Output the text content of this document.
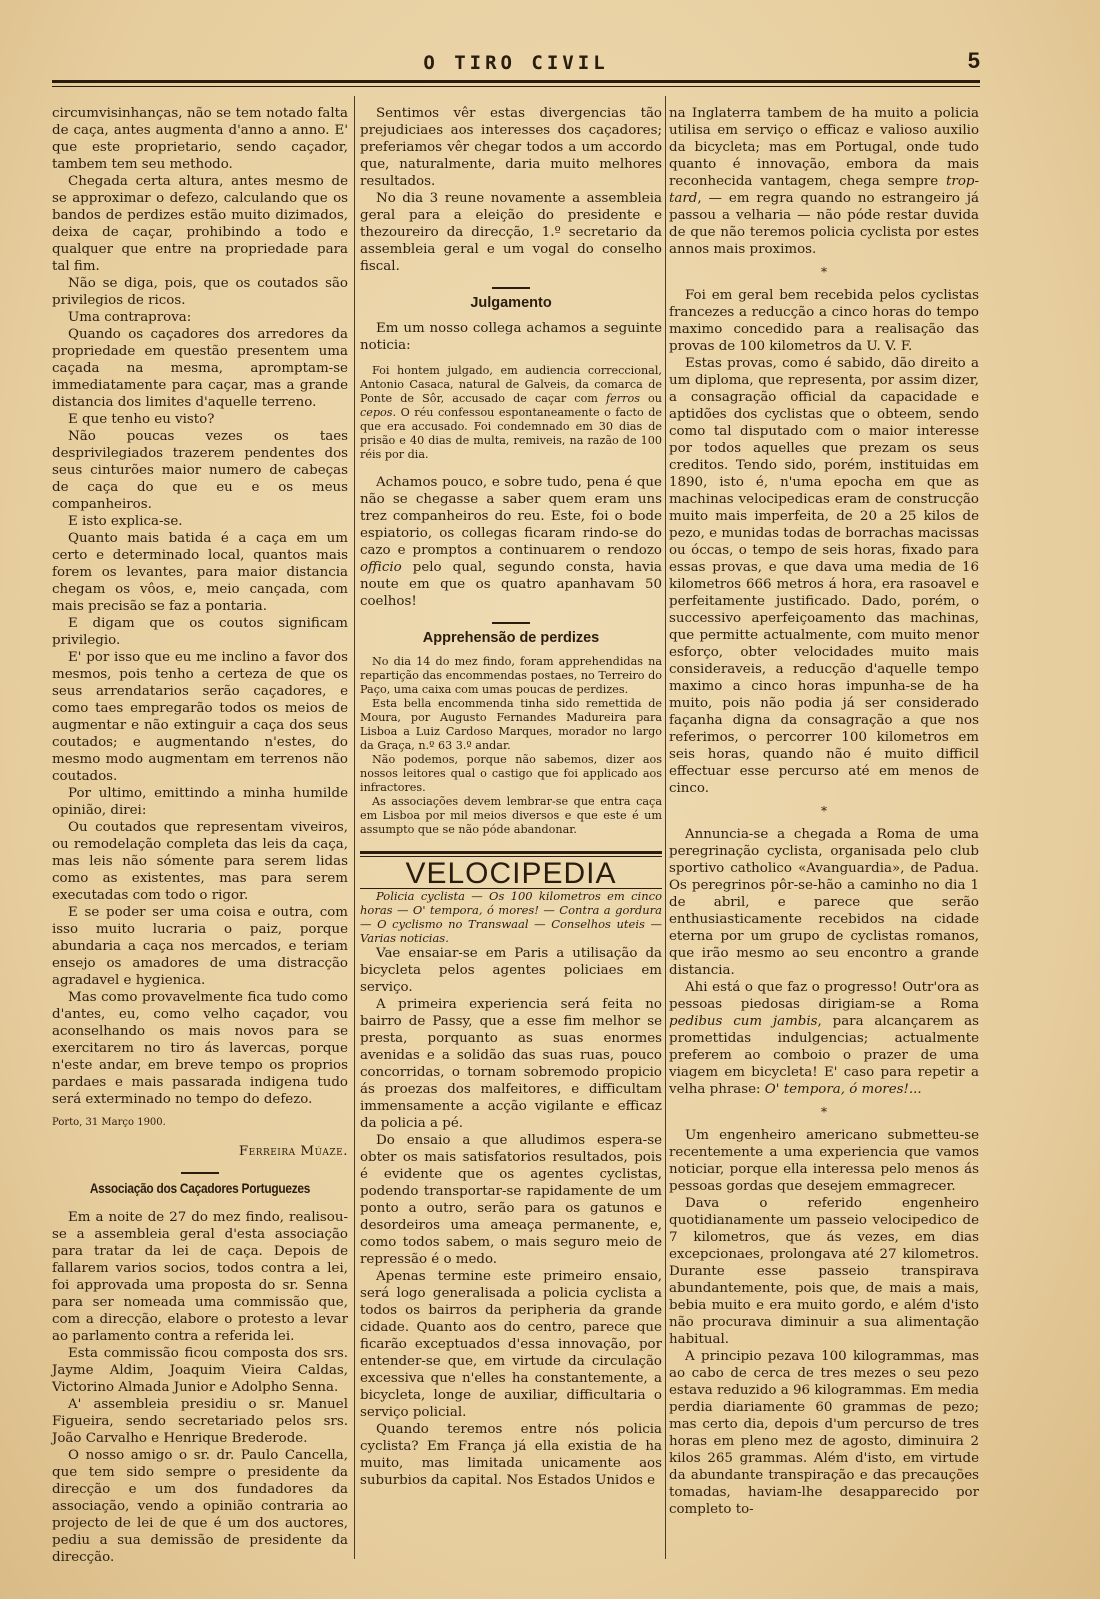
O TIRO CIVIL	5

circumvisinhanças, não se tem notado falta de caça, antes augmenta d'anno a anno. E' que este proprietario, sendo caçador, tambem tem seu methodo.

Chegada certa altura, antes mesmo de se approximar o defezo, calculando que os bandos de perdizes estão muito dizimados, deixa de caçar, prohibindo a todo e qualquer que entre na propriedade para tal fim.

Não se diga, pois, que os coutados são privilegios de ricos.

Uma contraprova:

Quando os caçadores dos arredores da propriedade em questão presentem uma caçada na mesma, apromptam-se immediatamente para caçar, mas a grande distancia dos limites d'aquelle terreno.

E que tenho eu visto?

Não poucas vezes os taes desprivilegiados trazerem pendentes dos seus cinturões maior numero de cabeças de caça do que eu e os meus companheiros.

E isto explica-se.

Quanto mais batida é a caça em um certo e determinado local, quantos mais forem os levantes, para maior distancia chegam os vôos, e, meio cançada, com mais precisão se faz a pontaria.

E digam que os coutos significam privilegio.

E' por isso que eu me inclino a favor dos mesmos, pois tenho a certeza de que os seus arrendatarios serão caçadores, e como taes empregarão todos os meios de augmentar e não extinguir a caça dos seus coutados; e augmentando n'estes, do mesmo modo augmentam em terrenos não coutados.

Por ultimo, emittindo a minha humilde opinião, direi:

Ou coutados que representam viveiros, ou remodelação completa das leis da caça, mas leis não sómente para serem lidas como as existentes, mas para serem executadas com todo o rigor.

E se poder ser uma coisa e outra, com isso muito lucraria o paiz, porque abundaria a caça nos mercados, e teriam ensejo os amadores de uma distracção agradavel e hygienica.

Mas como provavelmente fica tudo como d'antes, eu, como velho caçador, vou aconselhando os mais novos para se exercitarem no tiro ás lavercas, porque n'este andar, em breve tempo os proprios pardaes e mais passarada indigena tudo será exterminado no tempo do defezo.

Porto, 31 Março 1900.
Ferreira Múaze.
Associação dos Caçadores Portuguezes

Em a noite de 27 do mez findo, realisou-se a assembleia geral d'esta associação para tratar da lei de caça. Depois de fallarem varios socios, todos contra a lei, foi approvada uma proposta do sr. Senna para ser nomeada uma commissão que, com a direcção, elabore o protesto a levar ao parlamento contra a referida lei.

Esta commissão ficou composta dos srs. Jayme Aldim, Joaquim Vieira Caldas, Victorino Almada Junior e Adolpho Senna.

A' assembleia presidiu o sr. Manuel Figueira, sendo secretariado pelos srs. João Carvalho e Henrique Brederode.

O nosso amigo o sr. dr. Paulo Cancella, que tem sido sempre o presidente da direcção e um dos fundadores da associação, vendo a opinião contraria ao projecto de lei de que é um dos auctores, pediu a sua demissão de presidente da direcção.

Sentimos vêr estas divergencias tão prejudiciaes aos interesses dos caçadores; preferiamos vêr chegar todos a um accordo que, naturalmente, daria muito melhores resultados.

No dia 3 reune novamente a assembleia geral para a eleição do presidente e thezoureiro da direcção, 1.º secretario da assembleia geral e um vogal do conselho fiscal.

Julgamento

Em um nosso collega achamos a seguinte noticia:

Foi hontem julgado, em audiencia correccional, Antonio Casaca, natural de Galveis, da comarca de Ponte de Sôr, accusado de caçar com ferros ou cepos. O réu confessou espontaneamente o facto de que era accusado. Foi condemnado em 30 dias de prisão e 40 dias de multa, remiveis, na razão de 100 réis por dia.

Achamos pouco, e sobre tudo, pena é que não se chegasse a saber quem eram uns trez companheiros do reu. Este, foi o bode espiatorio, os collegas ficaram rindo-se do cazo e promptos a continuarem o rendozo officio pelo qual, segundo consta, havia noute em que os quatro apanhavam 50 coelhos!

Apprehensão de perdizes

No dia 14 do mez findo, foram apprehendidas na repartição das encommendas postaes, no Terreiro do Paço, uma caixa com umas poucas de perdizes.

Esta bella encommenda tinha sido remettida de Moura, por Augusto Fernandes Madureira para Lisboa a Luiz Cardoso Marques, morador no largo da Graça, n.º 63 3.º andar.

Não podemos, porque não sabemos, dizer aos nossos leitores qual o castigo que foi applicado aos infractores.

As associações devem lembrar-se que entra caça em Lisboa por mil meios diversos e que este é um assumpto que se não póde abandonar.

VELOCIPEDIA

Policia cyclista — Os 100 kilometros em cinco horas — O' tempora, ó mores! — Contra a gordura — O cyclismo no Transwaal — Conselhos uteis — Varias noticias.

Vae ensaiar-se em Paris a utilisação da bicycleta pelos agentes policiaes em serviço.

A primeira experiencia será feita no bairro de Passy, que a esse fim melhor se presta, porquanto as suas enormes avenidas e a solidão das suas ruas, pouco concorridas, o tornam sobremodo propicio ás proezas dos malfeitores, e difficultam immensamente a acção vigilante e efficaz da policia a pé.

Do ensaio a que alludimos espera-se obter os mais satisfatorios resultados, pois é evidente que os agentes cyclistas, podendo transportar-se rapidamente de um ponto a outro, serão para os gatunos e desordeiros uma ameaça permanente, e, como todos sabem, o mais seguro meio de repressão é o medo.

Apenas termine este primeiro ensaio, será logo generalisada a policia cyclista a todos os bairros da peripheria da grande cidade. Quanto aos do centro, parece que ficarão exceptuados d'essa innovação, por entender-se que, em virtude da circulação excessiva que n'elles ha constantemente, a bicycleta, longe de auxiliar, difficultaria o serviço policial.

Quando teremos entre nós policia cyclista? Em França já ella existia de ha muito, mas limitada unicamente aos suburbios da capital. Nos Estados Unidos e

na Inglaterra tambem de ha muito a policia utilisa em serviço o efficaz e valioso auxilio da bicycleta; mas em Portugal, onde tudo quanto é innovação, embora da mais reconhecida vantagem, chega sempre trop-tard, — em regra quando no estrangeiro já passou a velharia — não póde restar duvida de que não teremos policia cyclista por estes annos mais proximos.

*

Foi em geral bem recebida pelos cyclistas francezes a reducção a cinco horas do tempo maximo concedido para a realisação das provas de 100 kilometros da U. V. F.

Estas provas, como é sabido, dão direito a um diploma, que representa, por assim dizer, a consagração official da capacidade e aptidões dos cyclistas que o obteem, sendo como tal disputado com o maior interesse por todos aquelles que prezam os seus creditos. Tendo sido, porém, instituidas em 1890, isto é, n'uma epocha em que as machinas velocipedicas eram de construcção muito mais imperfeita, de 20 a 25 kilos de pezo, e munidas todas de borrachas macissas ou óccas, o tempo de seis horas, fixado para essas provas, e que dava uma media de 16 kilometros 666 metros á hora, era rasoavel e perfeitamente justificado. Dado, porém, o successivo aperfeiçoamento das machinas, que permitte actualmente, com muito menor esforço, obter velocidades muito mais consideraveis, a reducção d'aquelle tempo maximo a cinco horas impunha-se de ha muito, pois não podia já ser considerado façanha digna da consagração a que nos referimos, o percorrer 100 kilometros em seis horas, quando não é muito difficil effectuar esse percurso até em menos de cinco.

*

Annuncia-se a chegada a Roma de uma peregrinação cyclista, organisada pelo club sportivo catholico «Avanguardia», de Padua. Os peregrinos pôr-se-hão a caminho no dia 1 de abril, e parece que serão enthusiasticamente recebidos na cidade eterna por um grupo de cyclistas romanos, que irão mesmo ao seu encontro a grande distancia.

Ahi está o que faz o progresso! Outr'ora as pessoas piedosas dirigiam-se a Roma pedibus cum jambis, para alcançarem as promettidas indulgencias; actualmente preferem ao comboio o prazer de uma viagem em bicycleta! E' caso para repetir a velha phrase: O' tempora, ó mores!...

*

Um engenheiro americano submetteu-se recentemente a uma experiencia que vamos noticiar, porque ella interessa pelo menos ás pessoas gordas que desejem emmagrecer.

Dava o referido engenheiro quotidianamente um passeio velocipedico de 7 kilometros, que ás vezes, em dias excepcionaes, prolongava até 27 kilometros. Durante esse passeio transpirava abundantemente, pois que, de mais a mais, bebia muito e era muito gordo, e além d'isto não procurava diminuir a sua alimentação habitual.

A principio pezava 100 kilogrammas, mas ao cabo de cerca de tres mezes o seu pezo estava reduzido a 96 kilogrammas. Em media perdia diariamente 60 grammas de pezo; mas certo dia, depois d'um percurso de tres horas em pleno mez de agosto, diminuira 2 kilos 265 grammas. Além d'isto, em virtude da abundante transpiração e das precauções tomadas, haviam-lhe desapparecido por completo to-
